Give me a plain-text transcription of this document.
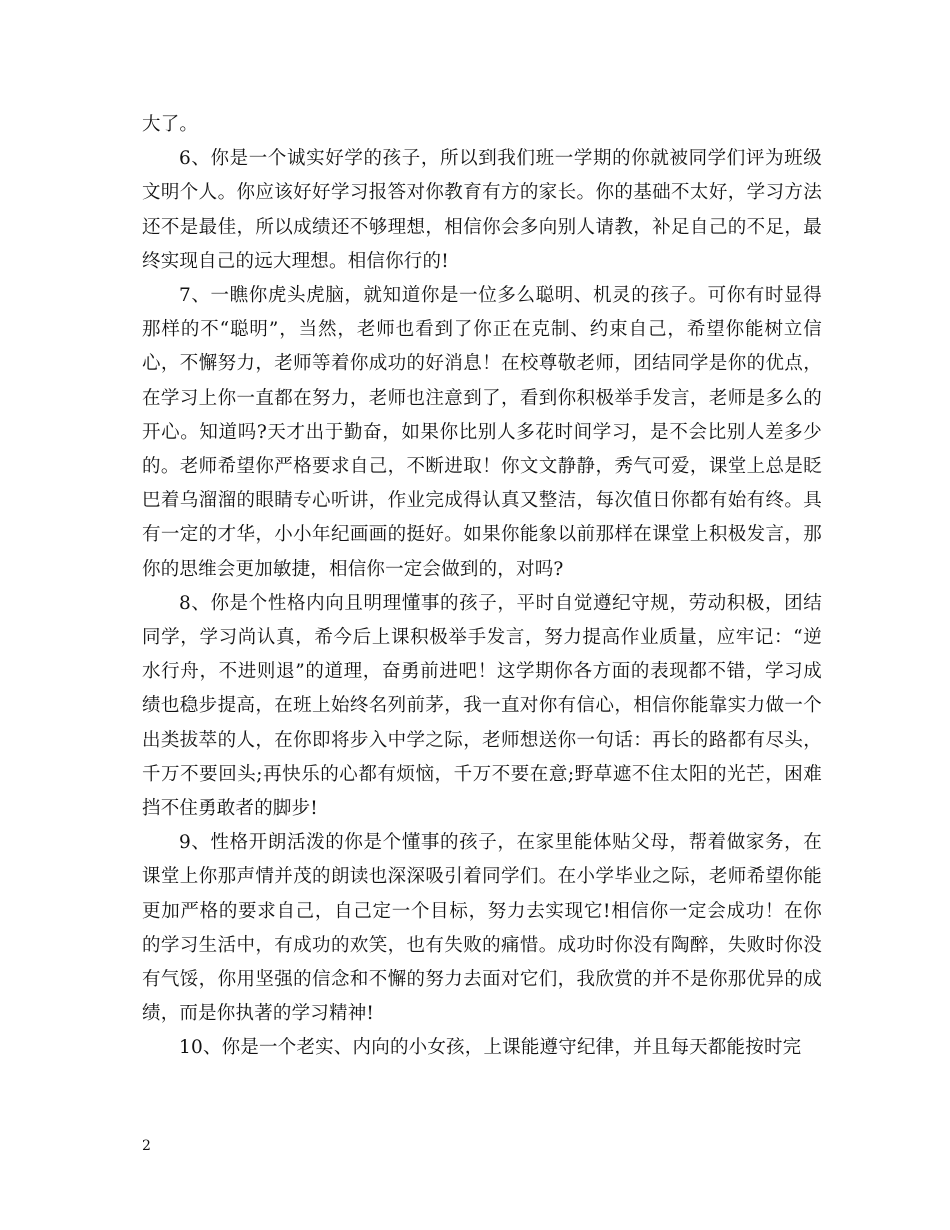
大了。

6、你是一个诚实好学的孩子，所以到我们班一学期的你就被同学们评为班级文明个人。你应该好好学习报答对你教育有方的家长。你的基础不太好，学习方法还不是最佳，所以成绩还不够理想，相信你会多向别人请教，补足自己的不足，最终实现自己的远大理想。相信你行的!

7、一瞧你虎头虎脑，就知道你是一位多么聪明、机灵的孩子。可你有时显得那样的不“聪明”，当然，老师也看到了你正在克制、约束自己，希望你能树立信心，不懈努力，老师等着你成功的好消息！在校尊敬老师，团结同学是你的优点，在学习上你一直都在努力，老师也注意到了，看到你积极举手发言，老师是多么的开心。知道吗?天才出于勤奋，如果你比别人多花时间学习，是不会比别人差多少的。老师希望你严格要求自己，不断进取！你文文静静，秀气可爱，课堂上总是眨巴着乌溜溜的眼睛专心听讲，作业完成得认真又整洁，每次值日你都有始有终。具有一定的才华，小小年纪画画的挺好。如果你能象以前那样在课堂上积极发言，那你的思维会更加敏捷，相信你一定会做到的，对吗?

8、你是个性格内向且明理懂事的孩子，平时自觉遵纪守规，劳动积极，团结同学，学习尚认真，希今后上课积极举手发言，努力提高作业质量，应牢记：“逆水行舟，不进则退”的道理，奋勇前进吧！这学期你各方面的表现都不错，学习成绩也稳步提高，在班上始终名列前茅，我一直对你有信心，相信你能靠实力做一个出类拔萃的人，在你即将步入中学之际，老师想送你一句话：再长的路都有尽头，千万不要回头;再快乐的心都有烦恼，千万不要在意;野草遮不住太阳的光芒，困难挡不住勇敢者的脚步!

9、性格开朗活泼的你是个懂事的孩子，在家里能体贴父母，帮着做家务，在课堂上你那声情并茂的朗读也深深吸引着同学们。在小学毕业之际，老师希望你能更加严格的要求自己，自己定一个目标，努力去实现它!相信你一定会成功！在你的学习生活中，有成功的欢笑，也有失败的痛惜。成功时你没有陶醉，失败时你没有气馁，你用坚强的信念和不懈的努力去面对它们，我欣赏的并不是你那优异的成绩，而是你执著的学习精神!

10、你是一个老实、内向的小女孩，上课能遵守纪律，并且每天都能按时完

2
